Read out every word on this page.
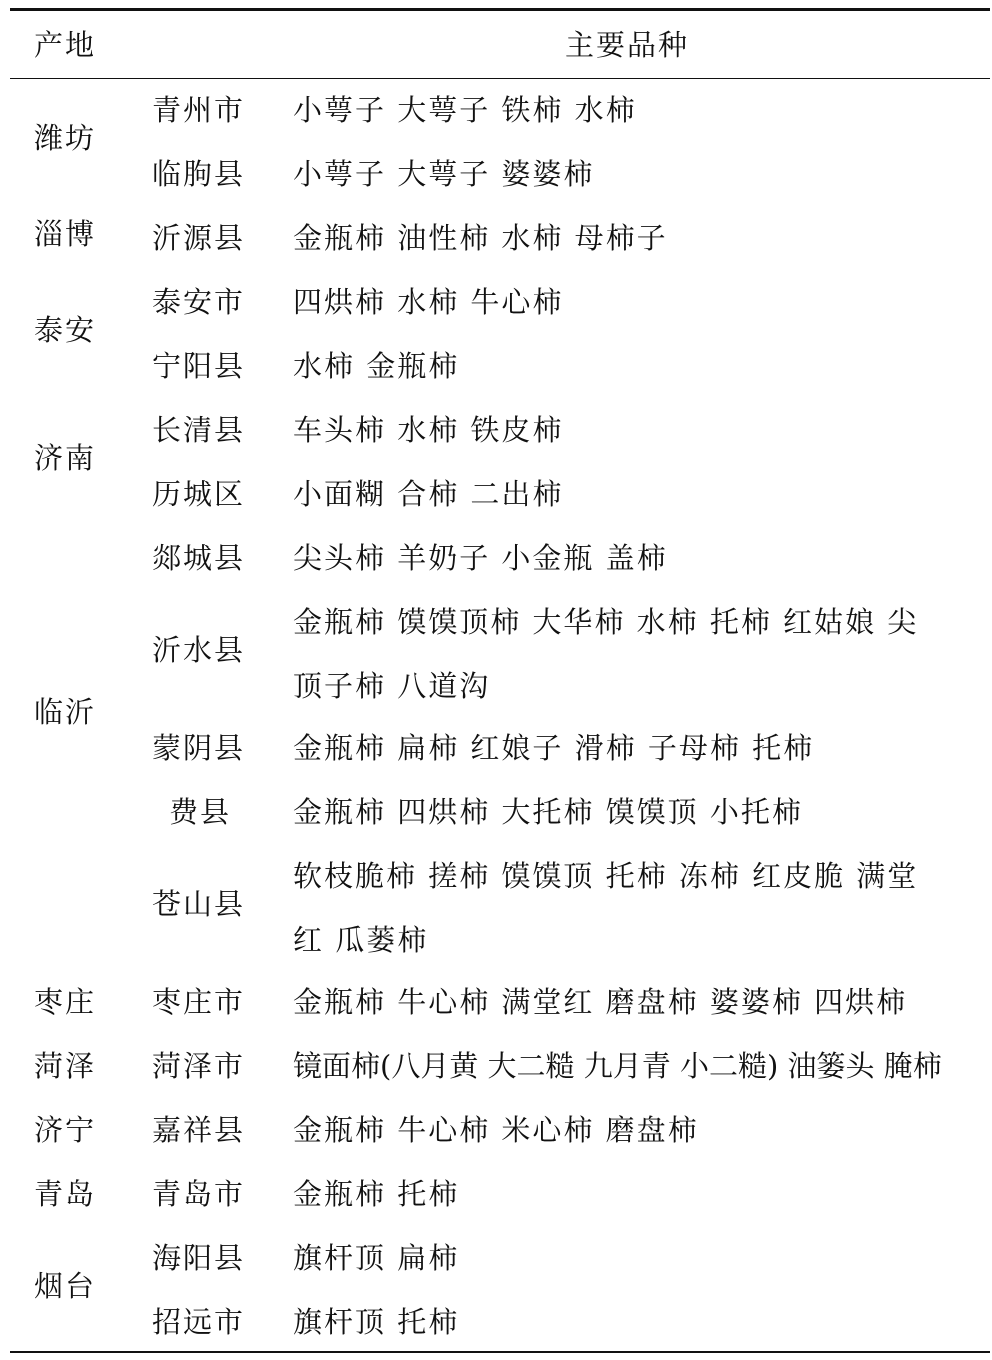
产地	主要品种
潍坊
淄博
泰安
济南
临沂
枣庄
菏泽
济宁
青岛
烟台
青州市
临朐县
沂源县
泰安市
宁阳县
长清县
历城区
郯城县
沂水县
蒙阴县
费县
苍山县
枣庄市
菏泽市
嘉祥县
青岛市
海阳县
招远市
小萼子 大萼子 铁柿 水柿
小萼子 大萼子 婆婆柿
金瓶柿 油性柿 水柿 母柿子
四烘柿 水柿 牛心柿
水柿 金瓶柿
车头柿 水柿 铁皮柿
小面糊 合柿 二出柿
尖头柿 羊奶子 小金瓶 盖柿
金瓶柿 馍馍顶柿 大华柿 水柿 托柿 红姑娘 尖
顶子柿 八道沟
金瓶柿 扁柿 红娘子 滑柿 子母柿 托柿
金瓶柿 四烘柿 大托柿 馍馍顶 小托柿
软枝脆柿 搓柿 馍馍顶 托柿 冻柿 红皮脆 满堂
红 瓜蒌柿
金瓶柿 牛心柿 满堂红 磨盘柿 婆婆柿 四烘柿
镜面柿(八月黄 大二糙 九月青 小二糙) 油篓头 腌柿
金瓶柿 牛心柿 米心柿 磨盘柿
金瓶柿 托柿
旗杆顶 扁柿
旗杆顶 托柿
